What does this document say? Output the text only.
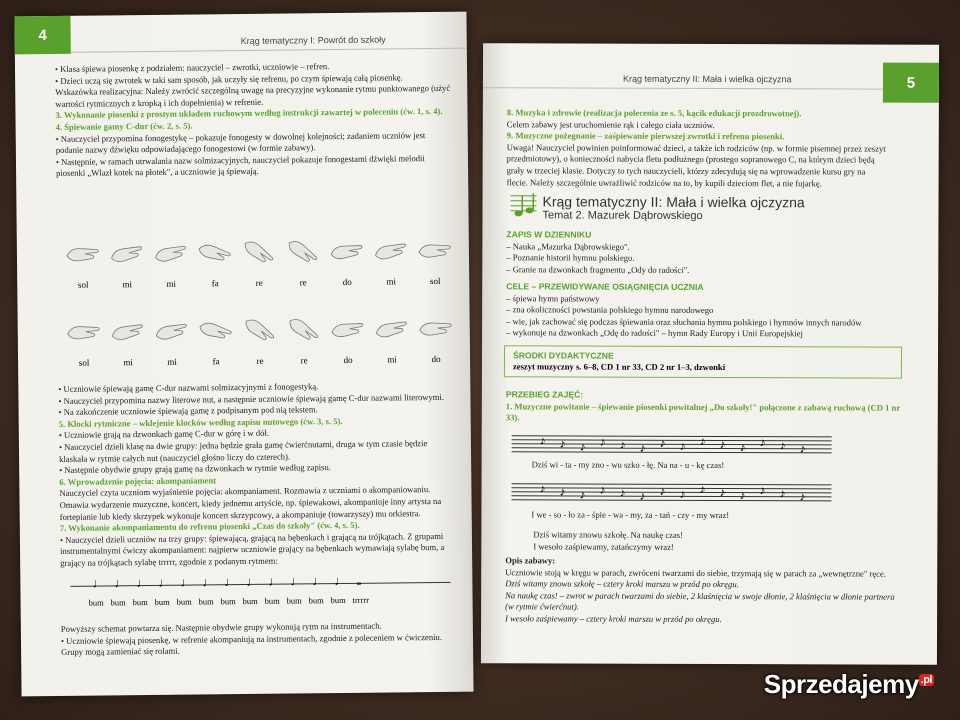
4	Krąg tematyczny I: Powrót do szkoły

• Klasa śpiewa piosenkę z podziałem: nauczyciel – zwrotki, uczniowie – refren.

• Dzieci uczą się zwrotek w taki sam sposób, jak uczyły się refrenu, po czym śpiewają całą piosenkę.

Wskazówka realizacyjna: Należy zwrócić szczególną uwagę na precyzyjne wykonanie rytmu punktowanego (użyć wartości rytmicznych z kropką i ich dopełnienia) w refrenie.

3. Wykonanie piosenki z prostym układem ruchowym według instrukcji zawartej w poleceniu (ćw. 1, s. 4).

4. Śpiewanie gamy C-dur (ćw. 2, s. 5).

• Nauczyciel przypomina fonogestykę – pokazuje fonogesty w dowolnej kolejności; zadaniem uczniów jest podanie nazwy dźwięku odpowiadającego fonogestowi (w formie zabawy).

• Następnie, w ramach utrwalania nazw solmizacyjnych, nauczyciel pokazuje fonogestami dźwięki melodii piosenki „Wlazł kotek na płotek", a uczniowie ją śpiewają.

sol	mi	mi	fa	re	re	do	mi	sol
sol	mi	mi	fa	re	re	do	mi	do

• Uczniowie śpiewają gamę C-dur nazwami solmizacyjnymi z fonogestyką.

• Nauczyciel przypomina nazwy literowe nut, a następnie uczniowie śpiewają gamę C-dur nazwami literowymi.

• Na zakończenie uczniowie śpiewają gamę z podpisanym pod nią tekstem.

5. Klocki rytmiczne – wklejenie klocków według zapisu nutowego (ćw. 3, s. 5).

• Uczniowie grają na dzwonkach gamę C-dur w górę i w dół.

• Nauczyciel dzieli klasę na dwie grupy: jedna będzie grała gamę ćwierćnutami, druga w tym czasie będzie klaskała w rytmie całych nut (nauczyciel głośno liczy do czterech).

• Następnie obydwie grupy grają gamę na dzwonkach w rytmie według zapisu.

6. Wprowadzenie pojęcia: akompaniament

Nauczyciel czyta uczniom wyjaśnienie pojęcia: akompaniament. Rozmawia z uczniami o akompaniowaniu. Omawia wydarzenie muzyczne, koncert, kiedy jednemu artyście, np. śpiewakowi, akompaniuje inny artysta na fortepianie lub kiedy skrzypek wykonuje koncert skrzypcowy, a akompaniuje (towarzyszy) mu orkiestra.

7. Wykonanie akompaniamentu do refrenu piosenki „Czas do szkoły" (ćw. 4, s. 5).

• Nauczyciel dzieli uczniów na trzy grupy: śpiewającą, grającą na bębenkach i grającą na trójkątach. Z grupami instrumentalnymi ćwiczy akompaniament: najpierw uczniowie grający na bębenkach wymawiają sylabę bum, a grający na trójkątach sylabę trrrrr, zgodnie z podanym rytmem:

♩
bum
♩
bum
♩
bum
♩
bum
♩
bum
♩
bum
♩
bum
♩
bum
♩
bum
♩
bum
♩
bum
♩
bum
𝅝
trrrrr

Powyższy schemat powtarza się. Następnie obydwie grupy wykonują rytm na instrumentach.

• Uczniowie śpiewają piosenkę, w refrenie akompaniują na instrumentach, zgodnie z poleceniem w ćwiczeniu. Grupy mogą zamieniać się rolami.

5
Krąg tematyczny II: Mała i wielka ojczyzna

8. Muzyka i zdrowie (realizacja polecenia ze s. 5, kącik edukacji prozdrowotnej).

Celem zabawy jest uruchomienie rąk i całego ciała uczniów.

9. Muzyczne pożegnanie – zaśpiewanie pierwszej zwrotki i refrenu piosenki.

Uwaga! Nauczyciel powinien poinformować dzieci, a także ich rodziców (np. w formie pisemnej przez zeszyt przedmiotowy), o konieczności nabycia fletu podłużnego (prostego sopranowego C, na którym dzieci będą grały w trzeciej klasie. Dotyczy to tych nauczycieli, którzy zdecydują się na wprowadzenie kursu gry na flecie. Należy szczególnie uwrażliwić rodziców na to, by kupili dzieciom flet, a nie fujarkę.

Krąg tematyczny II: Mała i wielka ojczyzna
Temat 2. Mazurek Dąbrowskiego

ZAPIS W DZIENNIKU

– Nauka „Mazurka Dąbrowskiego".

– Poznanie historii hymnu polskiego.

– Granie na dzwonkach fragmentu „Ody do radości".

CELE – PRZEWIDYWANE OSIĄGNIĘCIA UCZNIA

– śpiewa hymn państwowy

– zna okoliczności powstania polskiego hymnu narodowego

– wie, jak zachować się podczas śpiewania oraz słuchania hymnu polskiego i hymnów innych narodów

– wykonuje na dzwonkach „Odę do radości" – hymn Rady Europy i Unii Europejskiej

ŚRODKI DYDAKTYCZNE
zeszyt muzyczny s. 6–8, CD 1 nr 33, CD 2 nr 1–3, dzwonki

PRZEBIEG ZAJĘĆ:

1. Muzyczne powitanie – śpiewanie piosenki powitalnej „Do szkoły!" połączone z zabawą ruchową (CD 1 nr 33).

♪ ♪ ♪ ♪ ♪ ♪ ♪ ♪ ♪ ♪ ♪ ♪ ♪ ♪
Dziś wi - ta - my zno - wu szko - łę. Na na - u - kę czas!
♪ ♪ ♪ ♪ ♪ ♪ ♪ ♪ ♪ ♪ ♪ ♪ ♪ ♪
I we - so - ło za - śpie - wa - my, za - tań - czy - my wraz!

Dziś witamy znowu szkołę. Na naukę czas!

I wesoło zaśpiewamy, zatańczymy wraz!

Opis zabawy:

Uczniowie stoją w kręgu w parach, zwróceni twarzami do siebie, trzymają się w parach za „wewnętrzne" ręce.

Dziś witamy znowu szkołę – cztery kroki marszu w przód po okręgu.

Na naukę czas! – zwrot w parach twarzami do siebie, 2 klaśnięcia w swoje dłonie, 2 klaśnięcia w dłonie partnera (w rytmie ćwierćnut).

I wesoło zaśpiewamy – cztery kroki marszu w przód po okręgu.

Sprzedajemy $^{.pl}$
